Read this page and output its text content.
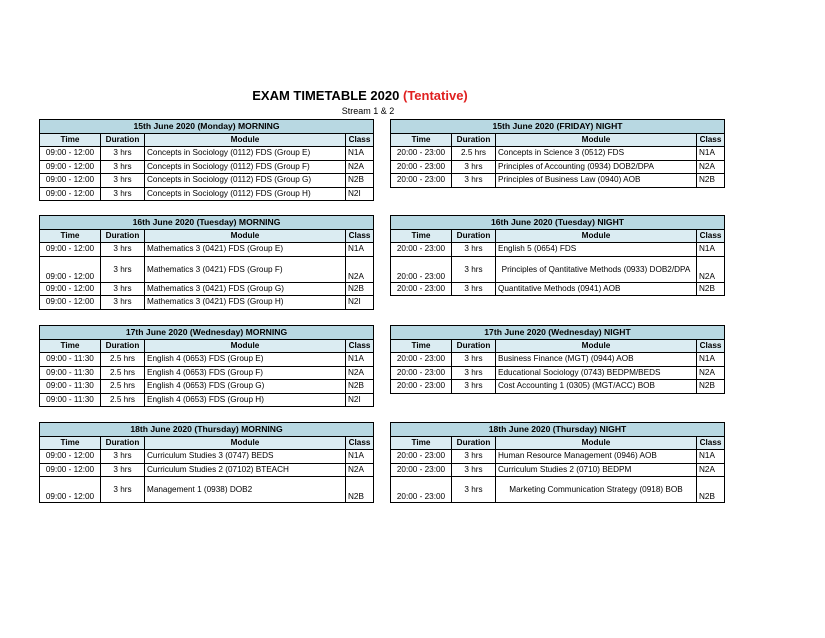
EXAM TIMETABLE 2020 (Tentative)
Stream 1 & 2
15th June 2020 (Monday) MORNING			
Time	Duration	Module	Class
09:00 - 12:00	3 hrs	Concepts in Sociology (0112) FDS (Group E)	N1A
09:00 - 12:00	3 hrs	Concepts in Sociology (0112) FDS (Group F)	N2A
09:00 - 12:00	3 hrs	Concepts in Sociology (0112) FDS (Group G)	N2B
09:00 - 12:00	3 hrs	Concepts in Sociology (0112) FDS (Group H)	N2I
15th June 2020 (FRIDAY) NIGHT			
Time	Duration	Module	Class
20:00 - 23:00	2.5 hrs	Concepts in Science 3 (0512) FDS	N1A
20:00 - 23:00	3 hrs	Principles of Accounting (0934) DOB2/DPA	N2A
20:00 - 23:00	3 hrs	Principles of Business Law (0940) AOB	N2B
16th June 2020 (Tuesday) MORNING			
Time	Duration	Module	Class
09:00 - 12:00	3 hrs	Mathematics 3 (0421) FDS (Group E)	N1A
09:00 - 12:00	3 hrs	Mathematics 3 (0421) FDS (Group F)	N2A
09:00 - 12:00	3 hrs	Mathematics 3 (0421) FDS (Group G)	N2B
09:00 - 12:00	3 hrs	Mathematics 3 (0421) FDS (Group H)	N2I
16th June 2020 (Tuesday) NIGHT			
Time	Duration	Module	Class
20:00 - 23:00	3 hrs	English 5 (0654) FDS	N1A
20:00 - 23:00	3 hrs	Principles of Qantitative Methods (0933) DOB2/DPA	N2A
20:00 - 23:00	3 hrs	Quantitative Methods (0941) AOB	N2B
17th June 2020 (Wednesday) MORNING			
Time	Duration	Module	Class
09:00 - 11:30	2.5 hrs	English 4 (0653) FDS (Group E)	N1A
09:00 - 11:30	2.5 hrs	English 4 (0653) FDS (Group F)	N2A
09:00 - 11:30	2.5 hrs	English 4 (0653) FDS (Group G)	N2B
09:00 - 11:30	2.5 hrs	English 4 (0653) FDS (Group H)	N2I
17th June 2020 (Wednesday) NIGHT			
Time	Duration	Module	Class
20:00 - 23:00	3 hrs	Business Finance (MGT) (0944) AOB	N1A
20:00 - 23:00	3 hrs	Educational Sociology (0743) BEDPM/BEDS	N2A
20:00 - 23:00	3 hrs	Cost Accounting 1 (0305) (MGT/ACC) BOB	N2B
18th June 2020 (Thursday) MORNING			
Time	Duration	Module	Class
09:00 - 12:00	3 hrs	Curriculum Studies 3 (0747) BEDS	N1A
09:00 - 12:00	3 hrs	Curriculum Studies 2 (07102) BTEACH	N2A
09:00 - 12:00	3 hrs	Management 1 (0938) DOB2	N2B
18th June 2020 (Thursday) NIGHT			
Time	Duration	Module	Class
20:00 - 23:00	3 hrs	Human Resource Management (0946) AOB	N1A
20:00 - 23:00	3 hrs	Curriculum Studies 2 (0710) BEDPM	N2A
20:00 - 23:00	3 hrs	Marketing Communication Strategy (0918) BOB	N2B
